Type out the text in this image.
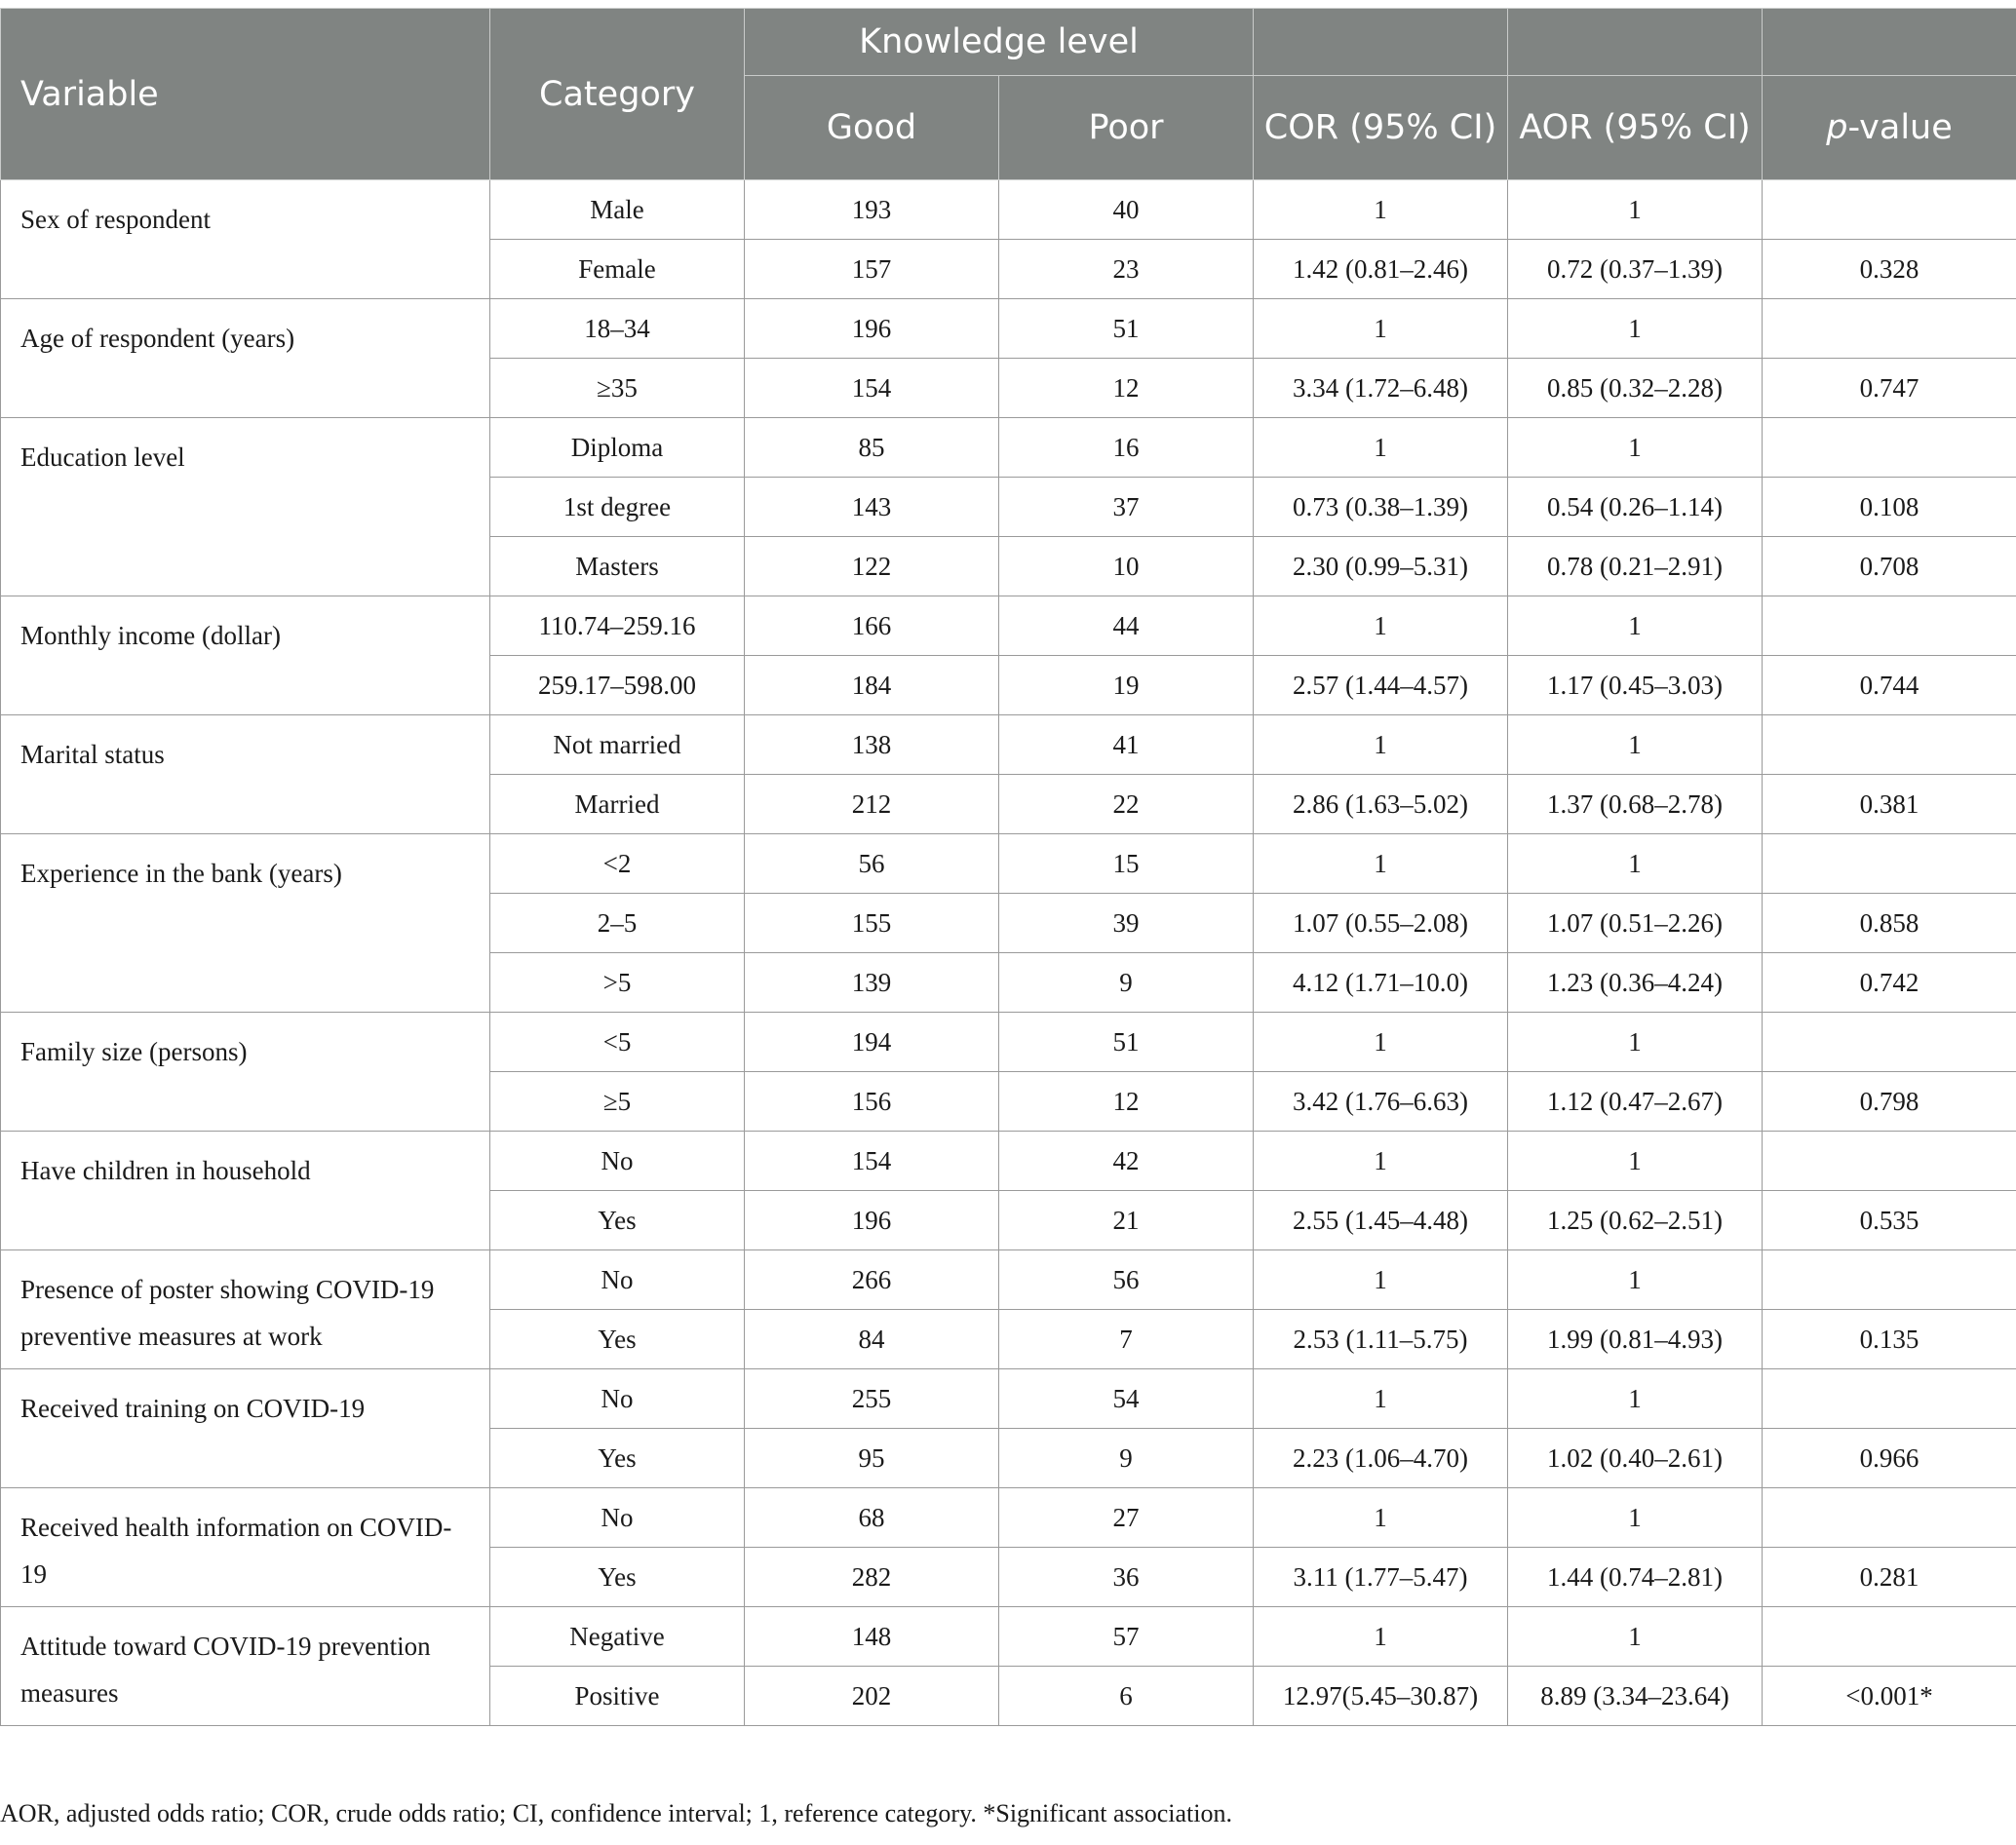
Variable	Category	Knowledge level				
		Good	Poor	COR (95% CI)	AOR (95% CI)	p-value
Sex of respondent	Male	193	40	1	1	
	Female	157	23	1.42 (0.81–2.46)	0.72 (0.37–1.39)	0.328
Age of respondent (years)	18–34	196	51	1	1	
	≥35	154	12	3.34 (1.72–6.48)	0.85 (0.32–2.28)	0.747
Education level	Diploma	85	16	1	1	
	1st degree	143	37	0.73 (0.38–1.39)	0.54 (0.26–1.14)	0.108
	Masters	122	10	2.30 (0.99–5.31)	0.78 (0.21–2.91)	0.708
Monthly income (dollar)	110.74–259.16	166	44	1	1	
	259.17–598.00	184	19	2.57 (1.44–4.57)	1.17 (0.45–3.03)	0.744
Marital status	Not married	138	41	1	1	
	Married	212	22	2.86 (1.63–5.02)	1.37 (0.68–2.78)	0.381
Experience in the bank (years)	<2	56	15	1	1	
	2–5	155	39	1.07 (0.55–2.08)	1.07 (0.51–2.26)	0.858
	>5	139	9	4.12 (1.71–10.0)	1.23 (0.36–4.24)	0.742
Family size (persons)	<5	194	51	1	1	
	≥5	156	12	3.42 (1.76–6.63)	1.12 (0.47–2.67)	0.798
Have children in household	No	154	42	1	1	
	Yes	196	21	2.55 (1.45–4.48)	1.25 (0.62–2.51)	0.535
Presence of poster showing COVID-19 preventive measures at work	No	266	56	1	1	
	Yes	84	7	2.53 (1.11–5.75)	1.99 (0.81–4.93)	0.135
Received training on COVID-19	No	255	54	1	1	
	Yes	95	9	2.23 (1.06–4.70)	1.02 (0.40–2.61)	0.966
Received health information on COVID-19	No	68	27	1	1	
	Yes	282	36	3.11 (1.77–5.47)	1.44 (0.74–2.81)	0.281
Attitude toward COVID-19 prevention measures	Negative	148	57	1	1	
	Positive	202	6	12.97(5.45–30.87)	8.89 (3.34–23.64)	<0.001*

AOR, adjusted odds ratio; COR, crude odds ratio; CI, confidence interval; 1, reference category. *Significant association.
